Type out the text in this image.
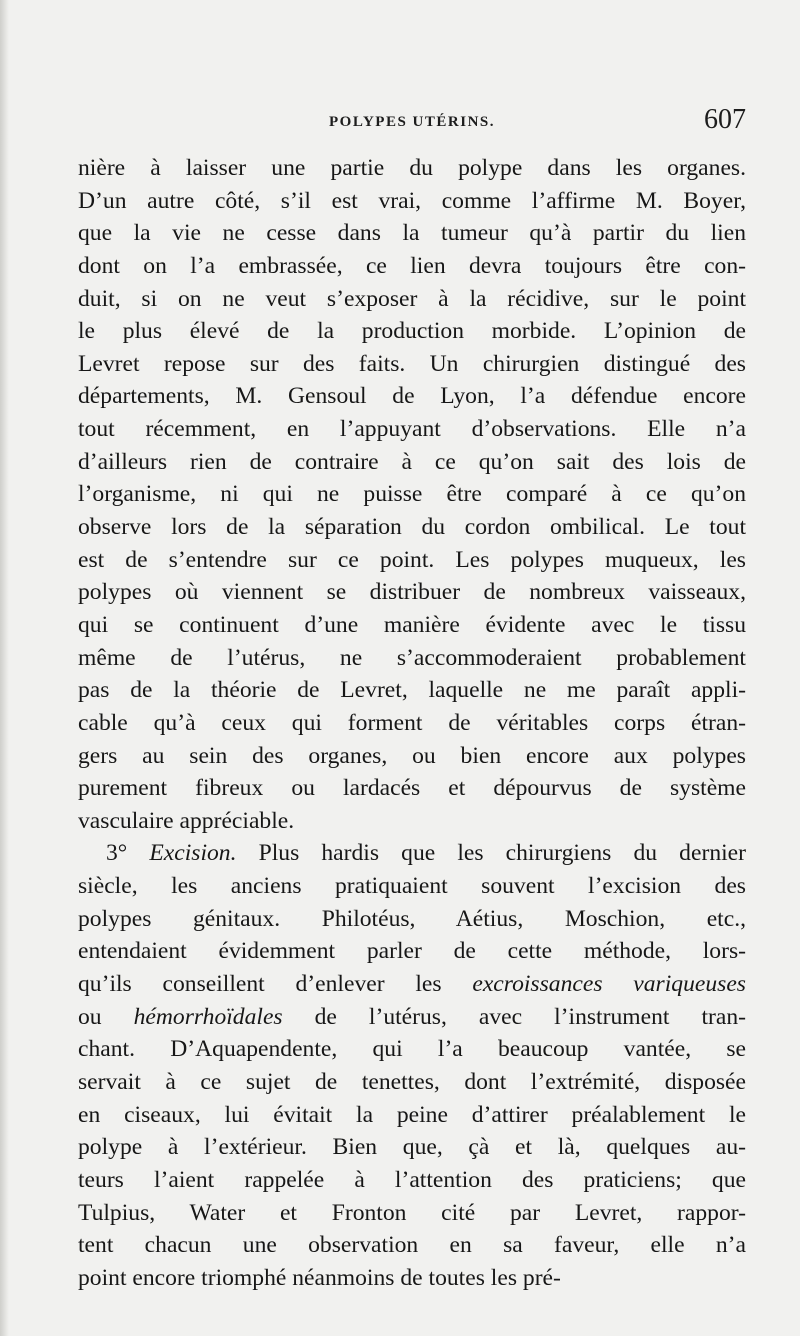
POLYPES UTÉRINS.	607
nière à laisser une partie du polype dans les organes.
D’un autre côté, s’il est vrai, comme l’affirme M. Boyer,
que la vie ne cesse dans la tumeur qu’à partir du lien
dont on l’a embrassée, ce lien devra toujours être con-
duit, si on ne veut s’exposer à la récidive, sur le point
le plus élevé de la production morbide. L’opinion de
Levret repose sur des faits. Un chirurgien distingué des
départements, M. Gensoul de Lyon, l’a défendue encore
tout récemment, en l’appuyant d’observations. Elle n’a
d’ailleurs rien de contraire à ce qu’on sait des lois de
l’organisme, ni qui ne puisse être comparé à ce qu’on
observe lors de la séparation du cordon ombilical. Le tout
est de s’entendre sur ce point. Les polypes muqueux, les
polypes où viennent se distribuer de nombreux vaisseaux,
qui se continuent d’une manière évidente avec le tissu
même de l’utérus, ne s’accommoderaient probablement
pas de la théorie de Levret, laquelle ne me paraît appli-
cable qu’à ceux qui forment de véritables corps étran-
gers au sein des organes, ou bien encore aux polypes
purement fibreux ou lardacés et dépourvus de système
vasculaire appréciable.
3° Excision. Plus hardis que les chirurgiens du dernier
siècle, les anciens pratiquaient souvent l’excision des
polypes génitaux. Philotéus, Aétius, Moschion, etc.,
entendaient évidemment parler de cette méthode, lors-
qu’ils conseillent d’enlever les excroissances variqueuses
ou hémorrhoïdales de l’utérus, avec l’instrument tran-
chant. D’Aquapendente, qui l’a beaucoup vantée, se
servait à ce sujet de tenettes, dont l’extrémité, disposée
en ciseaux, lui évitait la peine d’attirer préalablement le
polype à l’extérieur. Bien que, çà et là, quelques au-
teurs l’aient rappelée à l’attention des praticiens; que
Tulpius, Water et Fronton cité par Levret, rappor-
tent chacun une observation en sa faveur, elle n’a
point encore triomphé néanmoins de toutes les pré-
